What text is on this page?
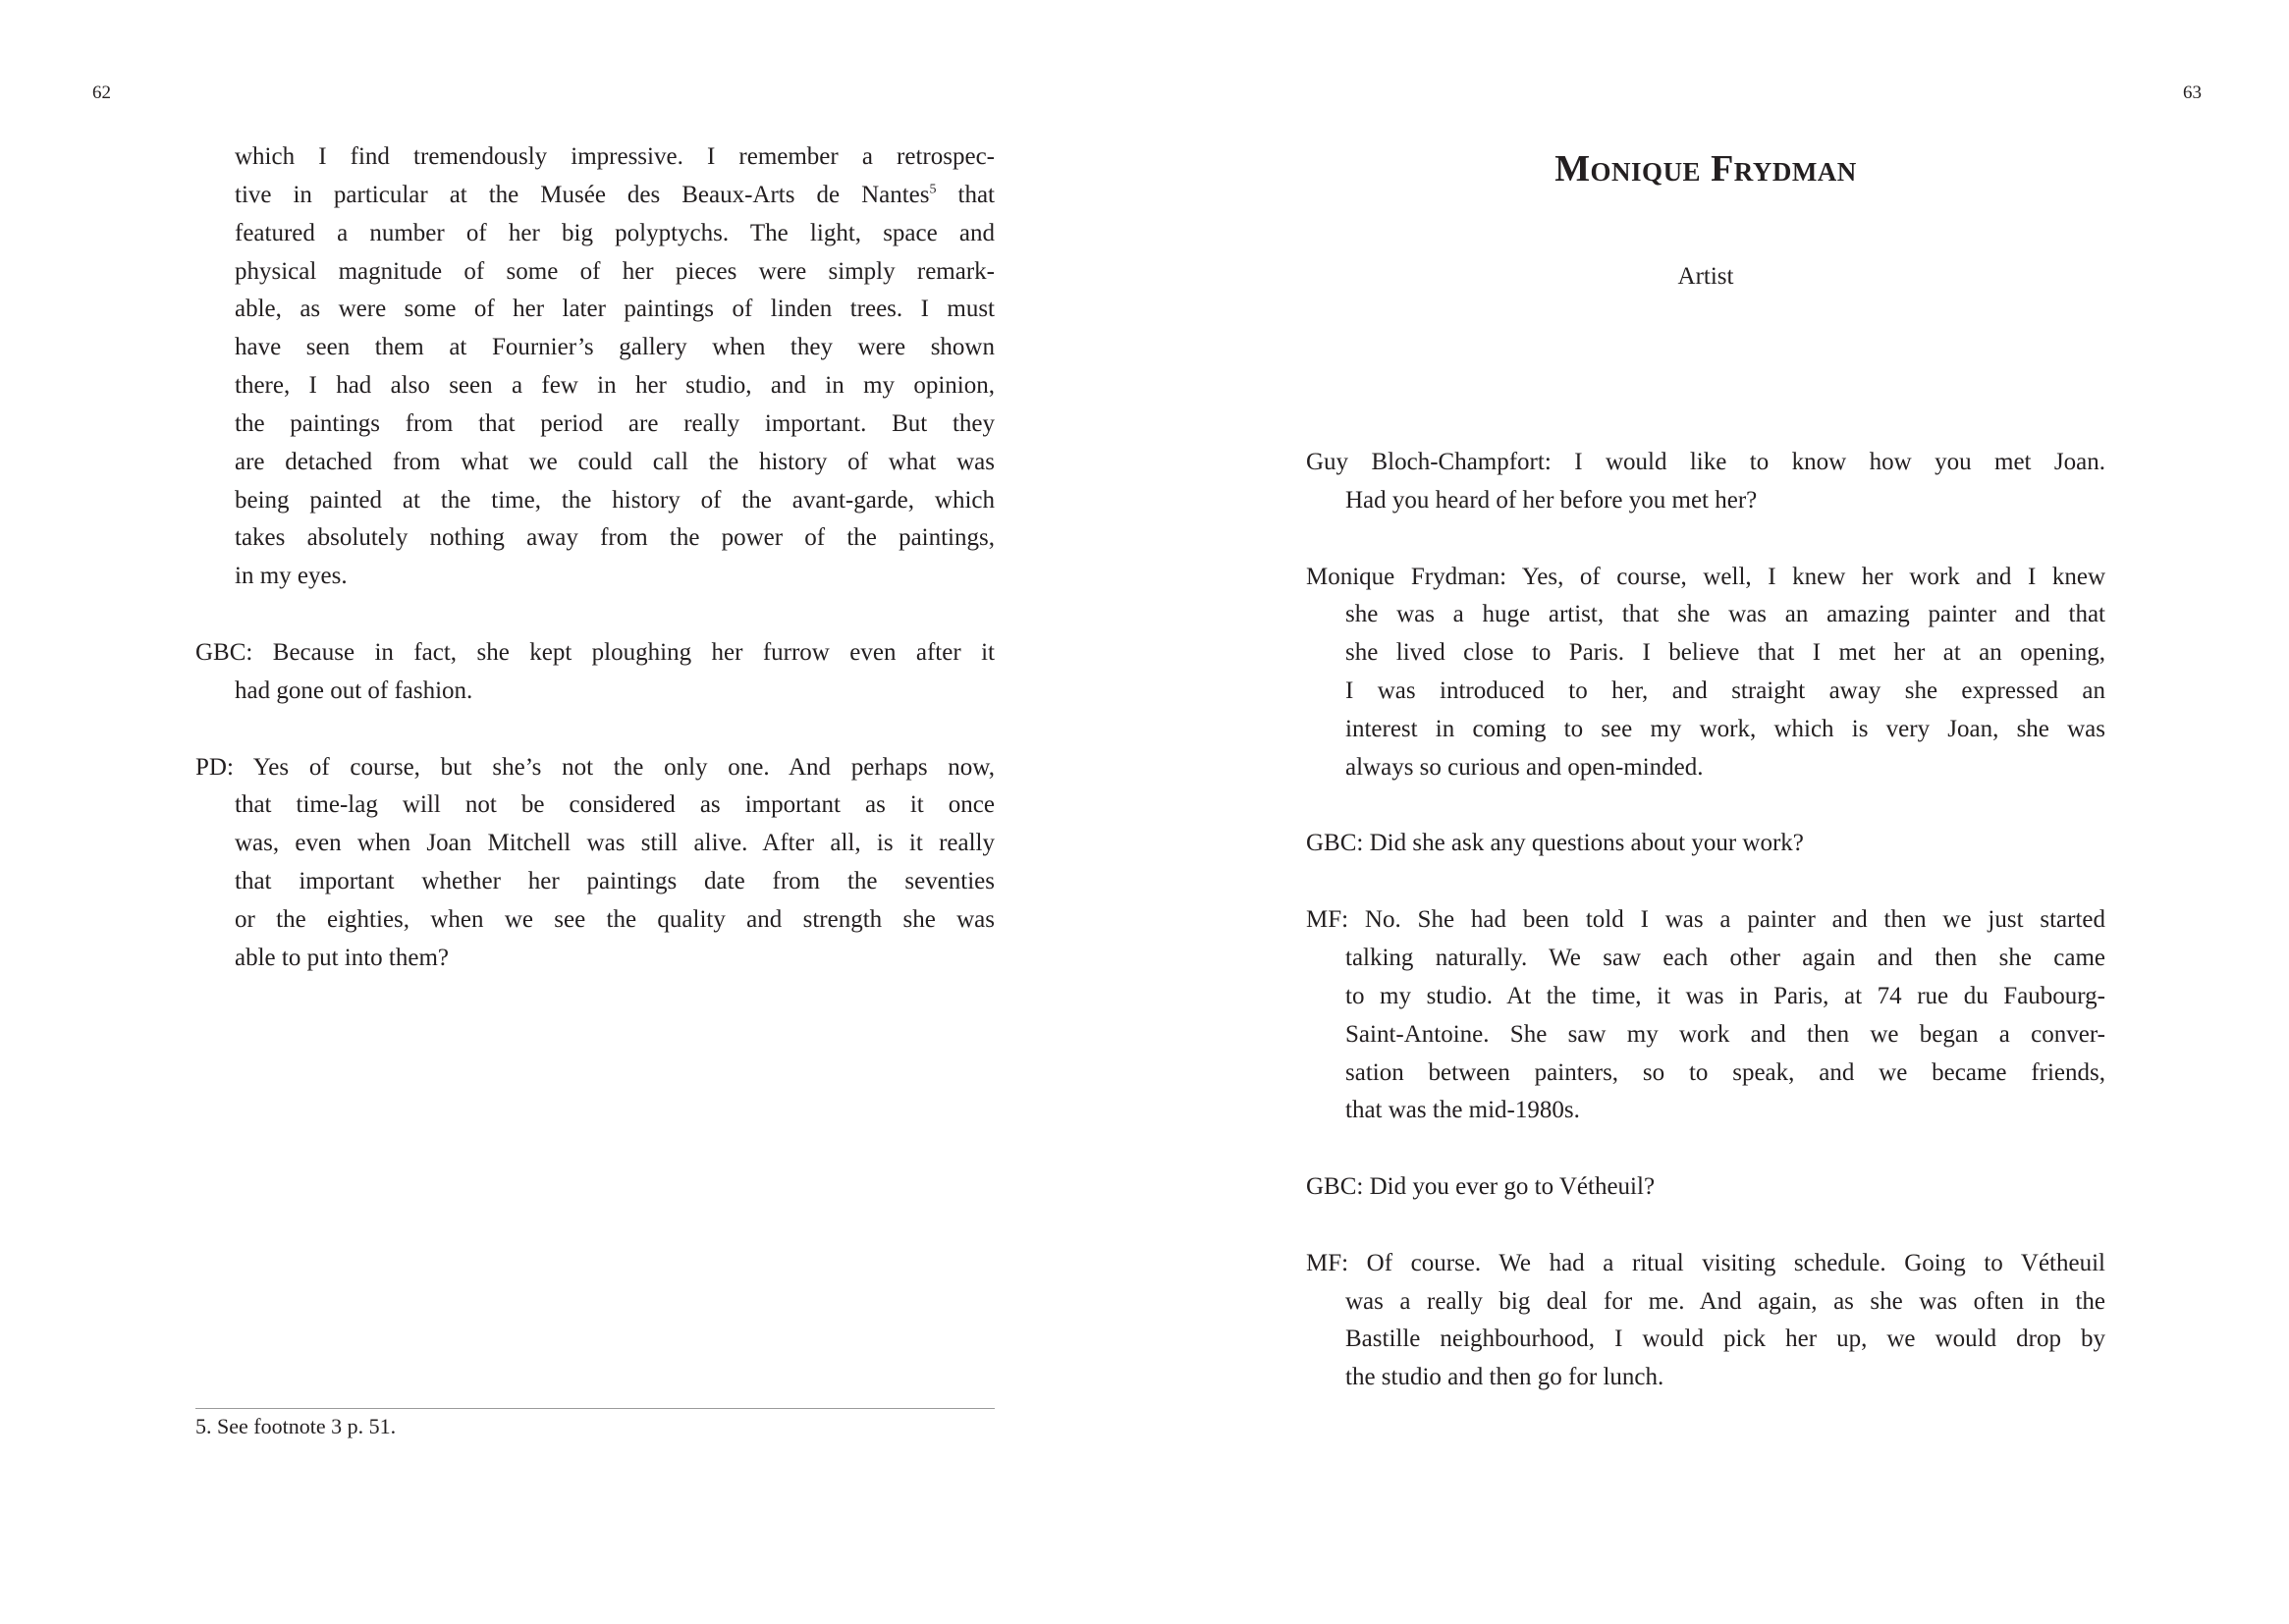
62	63
which I find tremendously impressive. I remember a retrospec-
tive in particular at the Musée des Beaux-Arts de Nantes$^5$ that
featured a number of her big polyptychs. The light, space and
physical magnitude of some of her pieces were simply remark-
able, as were some of her later paintings of linden trees. I must
have seen them at Fournier’s gallery when they were shown
there, I had also seen a few in her studio, and in my opinion,
the paintings from that period are really important. But they
are detached from what we could call the history of what was
being painted at the time, the history of the avant-garde, which
takes absolutely nothing away from the power of the paintings,
in my eyes.
GBC: Because in fact, she kept ploughing her furrow even after it
had gone out of fashion.
PD: Yes of course, but she’s not the only one. And perhaps now,
that time-lag will not be considered as important as it once
was, even when Joan Mitchell was still alive. After all, is it really
that important whether her paintings date from the seventies
or the eighties, when we see the quality and strength she was
able to put into them?
5. See footnote 3 p. 51.
Monique Frydman
Artist
Guy Bloch-Champfort: I would like to know how you met Joan.
Had you heard of her before you met her?
Monique Frydman: Yes, of course, well, I knew her work and I knew
she was a huge artist, that she was an amazing painter and that
she lived close to Paris. I believe that I met her at an opening,
I was introduced to her, and straight away she expressed an
interest in coming to see my work, which is very Joan, she was
always so curious and open-minded.
GBC: Did she ask any questions about your work?
MF: No. She had been told I was a painter and then we just started
talking naturally. We saw each other again and then she came
to my studio. At the time, it was in Paris, at 74 rue du Faubourg-
Saint-Antoine. She saw my work and then we began a conver-
sation between painters, so to speak, and we became friends,
that was the mid-1980s.
GBC: Did you ever go to Vétheuil?
MF: Of course. We had a ritual visiting schedule. Going to Vétheuil
was a really big deal for me. And again, as she was often in the
Bastille neighbourhood, I would pick her up, we would drop by
the studio and then go for lunch.
